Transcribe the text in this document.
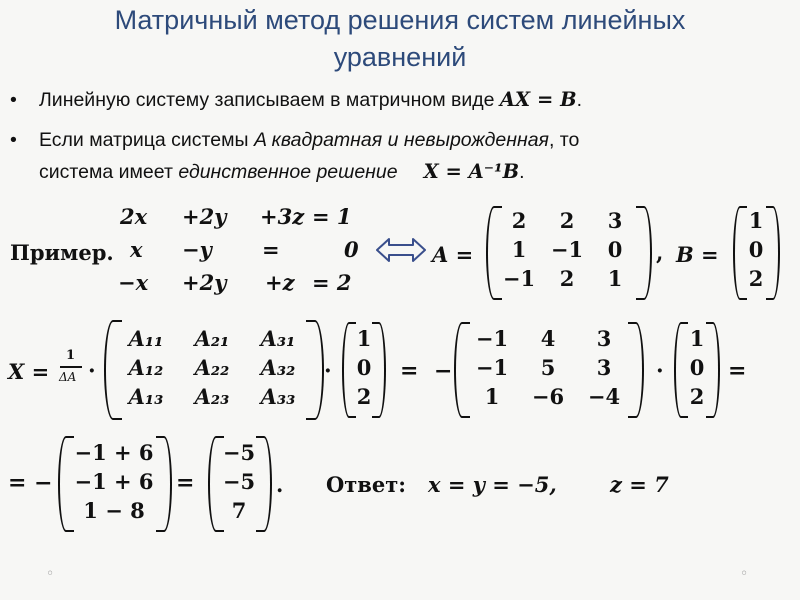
Матричный метод решения систем линейных
уравнений
• Линейную систему записываем в матричном виде AX = B.
• Если матрица системы A квадратная и невырожденная, то
система имеет единственное решение X = A⁻¹B.
Пример.
2x +2y +3z = 1
x −y =	0
−x +2y +z = 2
A =
2	2	3
1	−1	0
−1	2	1
, B =
1
0
2
X =
1
ΔA ·
A₁₁	A₂₁	A₃₁
A₁₂	A₂₂	A₃₂
A₁₃	A₂₃	A₃₃
·
1
0
2
= −
−1	4	3
−1	5	3
1	−6	−4
·
1
0
2
=
= −
−1 + 6
−1 + 6
1 − 8
=
−5
−5
7
. Ответ: x = y = −5,	z = 7
◦	◦
